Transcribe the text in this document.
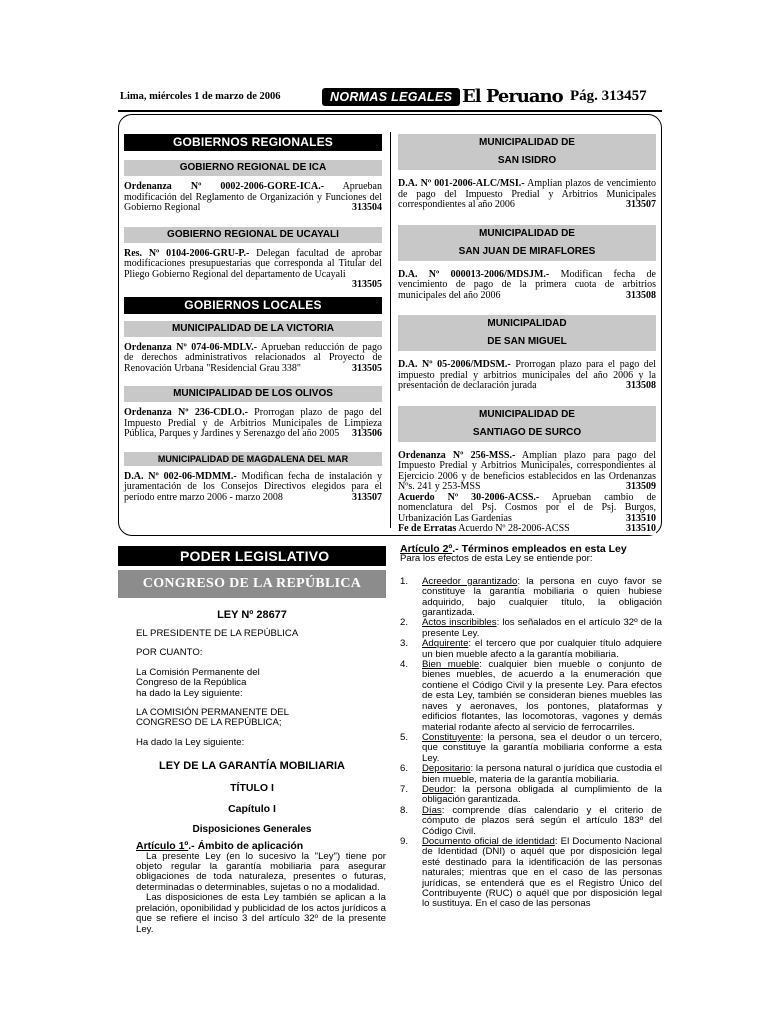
Lima, miércoles 1 de marzo de 2006	NORMAS LEGALES El Peruano Pág. 313457
GOBIERNOS REGIONALES
GOBIERNO REGIONAL DE ICA
Ordenanza Nº 0002-2006-GORE-ICA.- Aprueban modificación del Reglamento de Organización y Funciones del Gobierno Regional	313504
GOBIERNO REGIONAL DE UCAYALI
Res. Nº 0104-2006-GRU-P.- Delegan facultad de aprobar modificaciones presupuestarias que corresponda al Titular del Pliego Gobierno Regional del departamento de Ucayali
313505
GOBIERNOS LOCALES
MUNICIPALIDAD DE LA VICTORIA
Ordenanza Nº 074-06-MDLV.- Aprueban reducción de pago de derechos administrativos relacionados al Proyecto de Renovación Urbana "Residencial Grau 338"	313505
MUNICIPALIDAD DE LOS OLIVOS
Ordenanza Nº 236-CDLO.- Prorrogan plazo de pago del Impuesto Predial y de Arbitrios Municipales de Limpieza Pública, Parques y Jardines y Serenazgo del año 2005	313506
MUNICIPALIDAD DE MAGDALENA DEL MAR
D.A. Nº 002-06-MDMM.- Modifican fecha de instalación y juramentación de los Consejos Directivos elegidos para el período entre marzo 2006 - marzo 2008	313507
MUNICIPALIDAD DE
SAN ISIDRO
D.A. Nº 001-2006-ALC/MSI.- Amplían plazos de vencimiento de pago del Impuesto Predial y Arbitrios Municipales correspondientes al año 2006	313507
MUNICIPALIDAD DE
SAN JUAN DE MIRAFLORES
D.A. Nº 000013-2006/MDSJM.- Modifican fecha de vencimiento de pago de la primera cuota de arbitrios municipales del año 2006	313508
MUNICIPALIDAD
DE SAN MIGUEL
D.A. Nº 05-2006/MDSM.- Prorrogan plazo para el pago del impuesto predial y arbitrios municipales del año 2006 y la presentación de declaración jurada	313508
MUNICIPALIDAD DE
SANTIAGO DE SURCO
Ordenanza Nº 256-MSS.- Amplían plazo para pago del Impuesto Predial y Arbitrios Municipales, correspondientes al Ejercicio 2006 y de beneficios establecidos en las Ordenanzas Nºs. 241 y 253-MSS	313509
Acuerdo Nº 30-2006-ACSS.- Aprueban cambio de nomenclatura del Psj. Cosmos por el de Psj. Burgos, Urbanización Las Gardenias	313510
Fe de Erratas Acuerdo Nº 28-2006-ACSS	313510
PODER LEGISLATIVO
CONGRESO DE LA REPÚBLICA
LEY Nº 28677

EL PRESIDENTE DE LA REPÚBLICA

POR CUANTO:

La Comisión Permanente del

Congreso de la República

ha dado la Ley siguiente:

LA COMISIÓN PERMANENTE DEL

CONGRESO DE LA REPÚBLICA;

Ha dado la Ley siguiente:

LEY DE LA GARANTÍA MOBILIARIA
TÍTULO I
Capítulo I
Disposiciones Generales

Artículo 1º.- Ámbito de aplicación

La presente Ley (en lo sucesivo la "Ley") tiene por objeto regular la garantía mobiliaria para asegurar obligaciones de toda naturaleza, presentes o futuras, determinadas o determinables, sujetas o no a modalidad.

Las disposiciones de esta Ley también se aplican a la prelación, oponibilidad y publicidad de los actos jurídicos a que se refiere el inciso 3 del artículo 32º de la presente Ley.

Artículo 2º.- Términos empleados en esta Ley
Para los efectos de esta Ley se entiende por:
1. Acreedor garantizado: la persona en cuyo favor se constituye la garantía mobiliaria o quien hubiese adquirido, bajo cualquier título, la obligación garantizada.
2. Actos inscribibles: los señalados en el artículo 32º de la presente Ley.
3. Adquirente: el tercero que por cualquier título adquiere un bien mueble afecto a la garantía mobiliaria.
4. Bien mueble: cualquier bien mueble o conjunto de bienes muebles, de acuerdo a la enumeración que contiene el Código Civil y la presente Ley. Para efectos de esta Ley, también se consideran bienes muebles las naves y aeronaves, los pontones, plataformas y edificios flotantes, las locomotoras, vagones y demás material rodante afecto al servicio de ferrocarriles.
5. Constituyente: la persona, sea el deudor o un tercero, que constituye la garantía mobiliaria conforme a esta Ley.
6. Depositario: la persona natural o jurídica que custodia el bien mueble, materia de la garantía mobiliaria.
7. Deudor: la persona obligada al cumplimiento de la obligación garantizada.
8. Días: comprende días calendario y el criterio de cómputo de plazos será según el artículo 183º del Código Civil.
9. Documento oficial de identidad: El Documento Nacional de Identidad (DNI) o aquél que por disposición legal esté destinado para la identificación de las personas naturales; mientras que en el caso de las personas jurídicas, se entenderá que es el Registro Único del Contribuyente (RUC) o aquél que por disposición legal lo sustituya. En el caso de las personas
